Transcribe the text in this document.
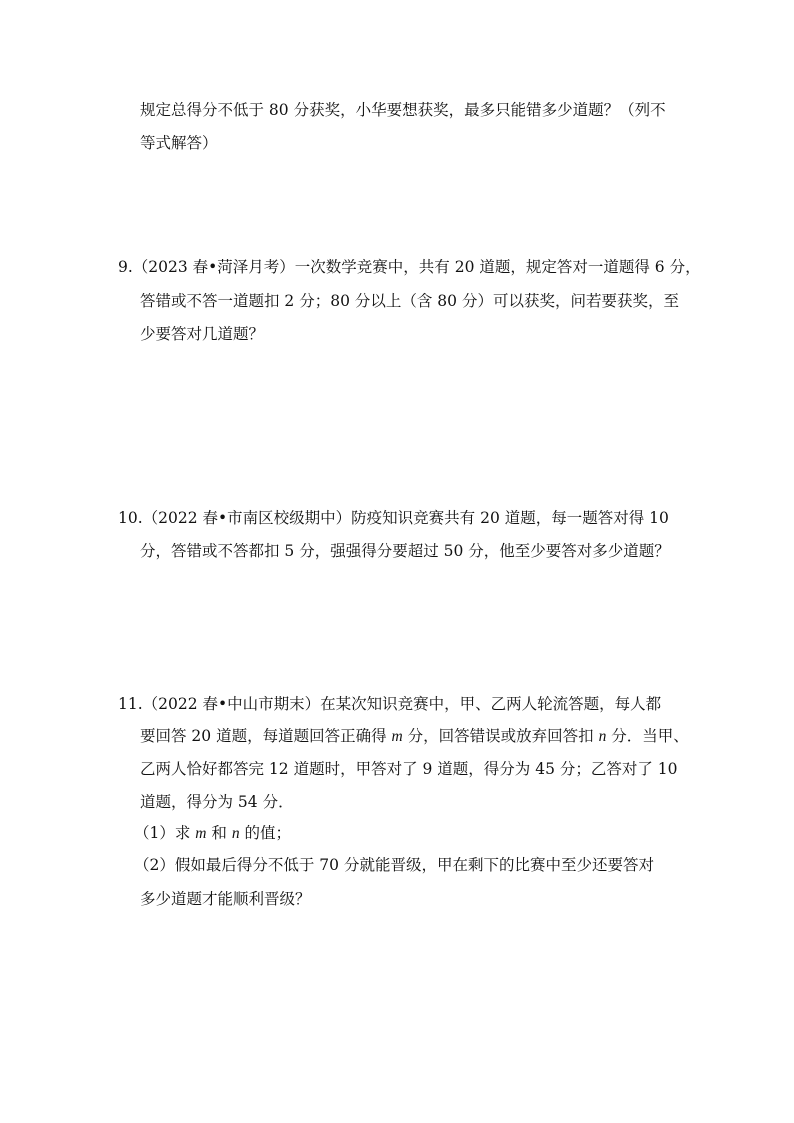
规定总得分不低于 80 分获奖，小华要想获奖，最多只能错多少道题？（列不

等式解答）

9.（2023 春•菏泽月考）一次数学竞赛中，共有 20 道题，规定答对一道题得 6 分，

答错或不答一道题扣 2 分；80 分以上（含 80 分）可以获奖，问若要获奖，至

少要答对几道题？

10.（2022 春•市南区校级期中）防疫知识竞赛共有 20 道题，每一题答对得 10

分，答错或不答都扣 5 分，强强得分要超过 50 分，他至少要答对多少道题？

11.（2022 春•中山市期末）在某次知识竞赛中，甲、乙两人轮流答题，每人都

要回答 20 道题，每道题回答正确得 m 分，回答错误或放弃回答扣 n 分．当甲、

乙两人恰好都答完 12 道题时，甲答对了 9 道题，得分为 45 分；乙答对了 10

道题，得分为 54 分．

（1）求 m 和 n 的值；

（2）假如最后得分不低于 70 分就能晋级，甲在剩下的比赛中至少还要答对

多少道题才能顺利晋级？
